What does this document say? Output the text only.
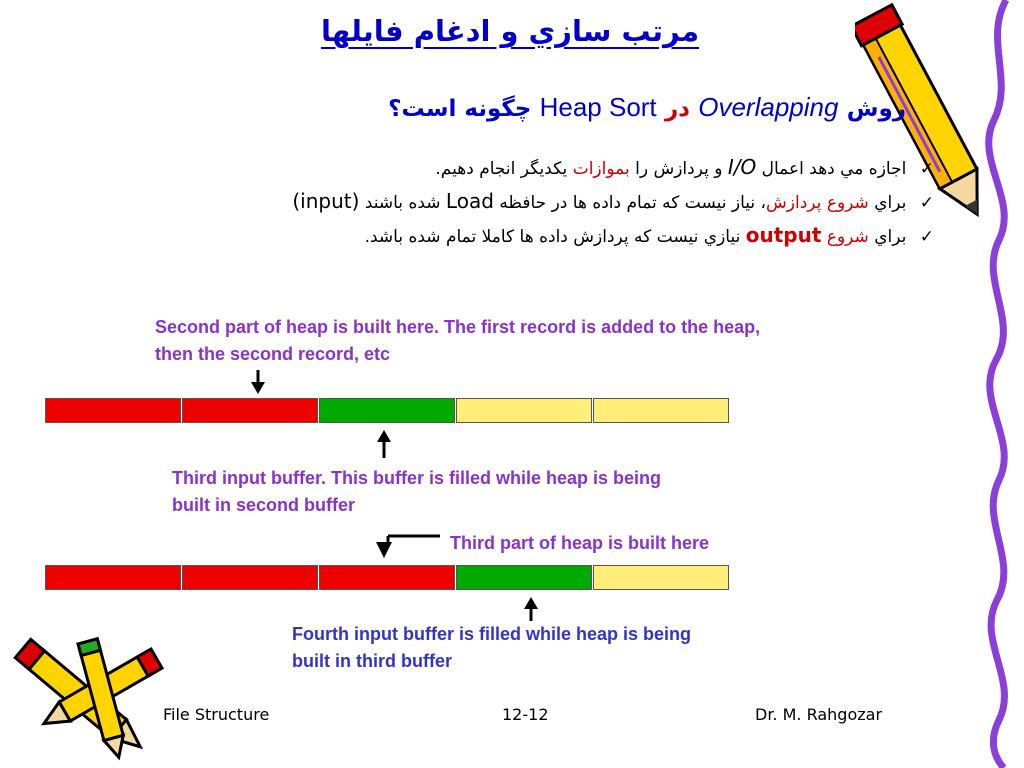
مرتب سازي و ادغام فايلها
روش Overlapping در Heap Sort چگونه است؟
✓ اجازه مي دهد اعمال I/O و پردازش را بموازات يکديگر انجام دهيم.
✓ براي شروع پردازش، نياز نيست که تمام داده ها در حافظه Load شده باشند (input)
✓ براي شروع output نيازي نيست که پردازش داده ها کاملا تمام شده باشد.
Second part of heap is built here. The first record is added to the heap,
then the second record, etc
Third input buffer. This buffer is filled while heap is being
built in second buffer
Third part of heap is built here
Fourth input buffer is filled while heap is being
built in third buffer
File Structure	12-12	Dr. M. Rahgozar
